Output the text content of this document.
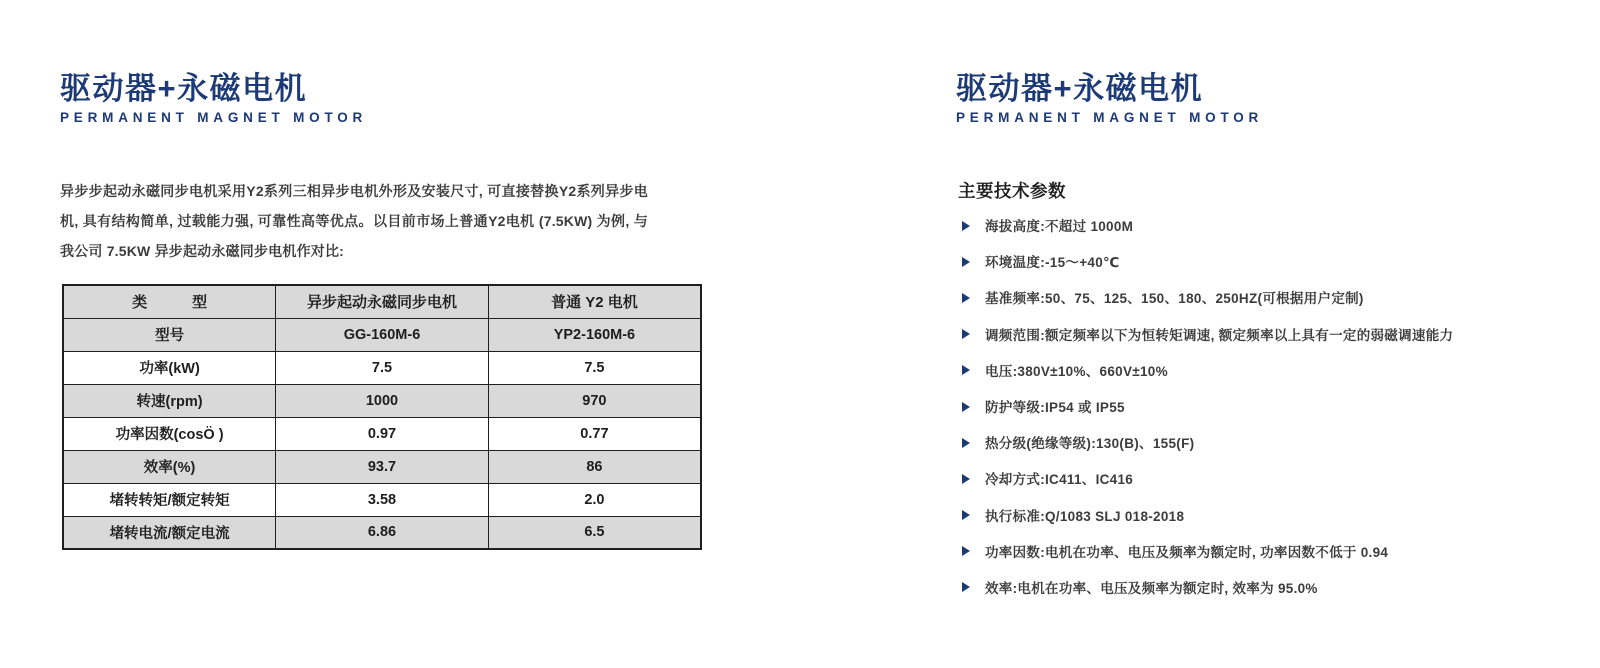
驱动器+永磁电机
PERMANENT MAGNET MOTOR

异步步起动永磁同步电机采用Y2系列三相异步电机外形及安装尺寸, 可直接替换Y2系列异步电机, 具有结构简单, 过载能力强, 可靠性高等优点。以目前市场上普通Y2电机 (7.5KW) 为例, 与我公司 7.5KW 异步起动永磁同步电机作对比:

类　　　型	异步起动永磁同步电机	普通 Y2 电机
型号	GG-160M-6	YP2-160M-6
功率(kW)	7.5	7.5
转速(rpm)	1000	970
功率因数(cosÖ )	0.97	0.77
效率(%)	93.7	86
堵转转矩/额定转矩	3.58	2.0
堵转电流/额定电流	6.86	6.5
驱动器+永磁电机
PERMANENT MAGNET MOTOR
主要技术参数
海拔高度:不超过 1000M
环境温度:-15～+40℃
基准频率:50、75、125、150、180、250HZ(可根据用户定制)
调频范围:额定频率以下为恒转矩调速, 额定频率以上具有一定的弱磁调速能力
电压:380V±10%、660V±10%
防护等级:IP54 或 IP55
热分级(绝缘等级):130(B)、155(F)
冷却方式:IC411、IC416
执行标准:Q/1083 SLJ 018-2018
功率因数:电机在功率、电压及频率为额定时, 功率因数不低于 0.94
效率:电机在功率、电压及频率为额定时, 效率为 95.0%
